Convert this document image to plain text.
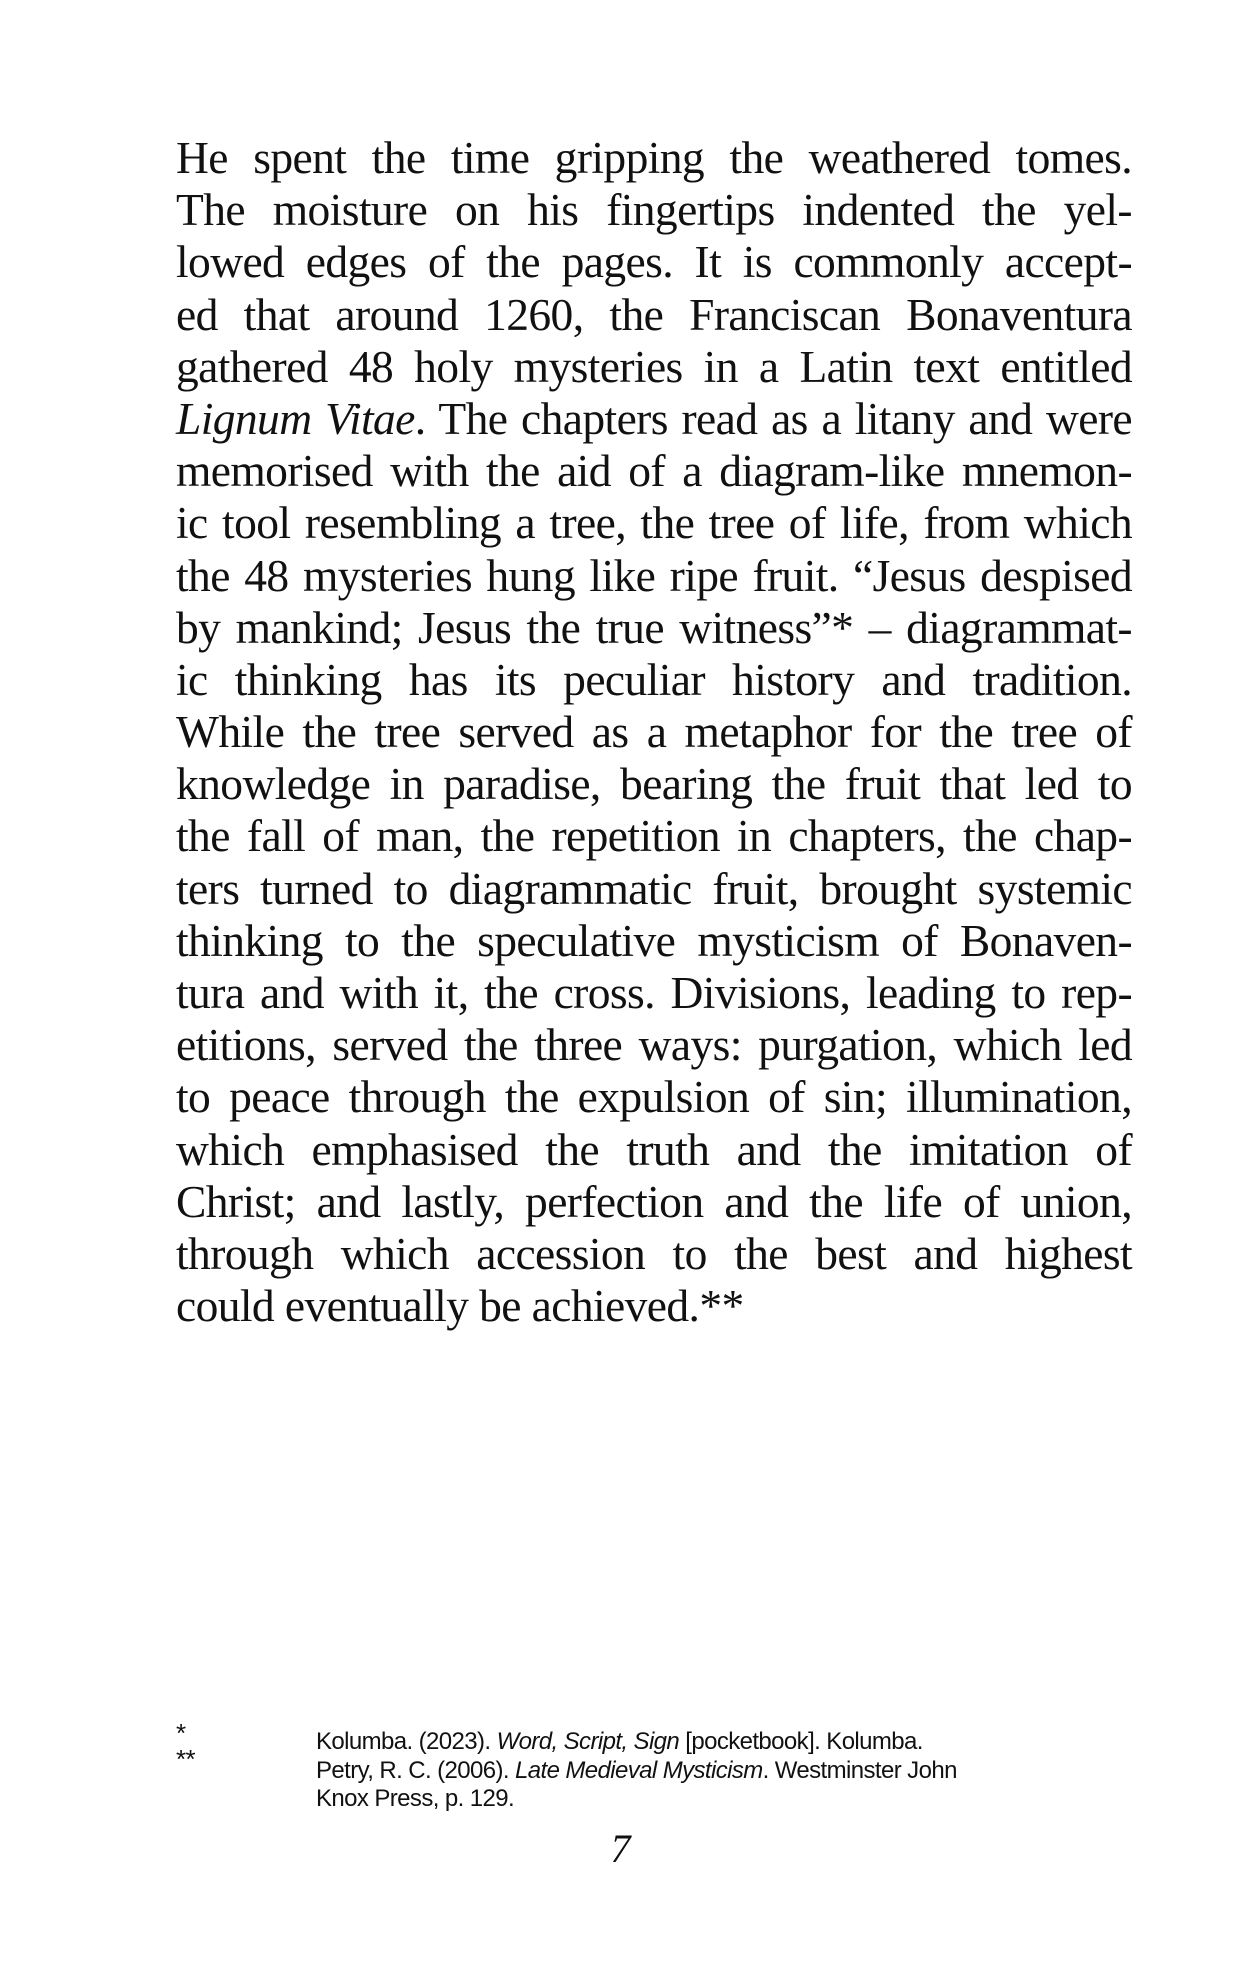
He spent the time gripping the weathered tomes.
The moisture on his fingertips indented the yel-
lowed edges of the pages. It is commonly accept-
ed that around 1260, the Franciscan Bonaventura
gathered 48 holy mysteries in a Latin text entitled
Lignum Vitae. The chapters read as a litany and were
memorised with the aid of a diagram-like mnemon-
ic tool resembling a tree, the tree of life, from which
the 48 mysteries hung like ripe fruit. “Jesus despised
by mankind; Jesus the true witness”* – diagrammat-
ic thinking has its peculiar history and tradition.
While the tree served as a metaphor for the tree of
knowledge in paradise, bearing the fruit that led to
the fall of man, the repetition in chapters, the chap-
ters turned to diagrammatic fruit, brought systemic
thinking to the speculative mysticism of Bonaven-
tura and with it, the cross. Divisions, leading to rep-
etitions, served the three ways: purgation, which led
to peace through the expulsion of sin; illumination,
which emphasised the truth and the imitation of
Christ; and lastly, perfection and the life of union,
through which accession to the best and highest
could eventually be achieved.**
*
**
Kolumba. (2023). Word, Script, Sign [pocketbook]. Kolumba.
Petry, R. C. (2006). Late Medieval Mysticism. Westminster John
Knox Press, p. 129.
7
